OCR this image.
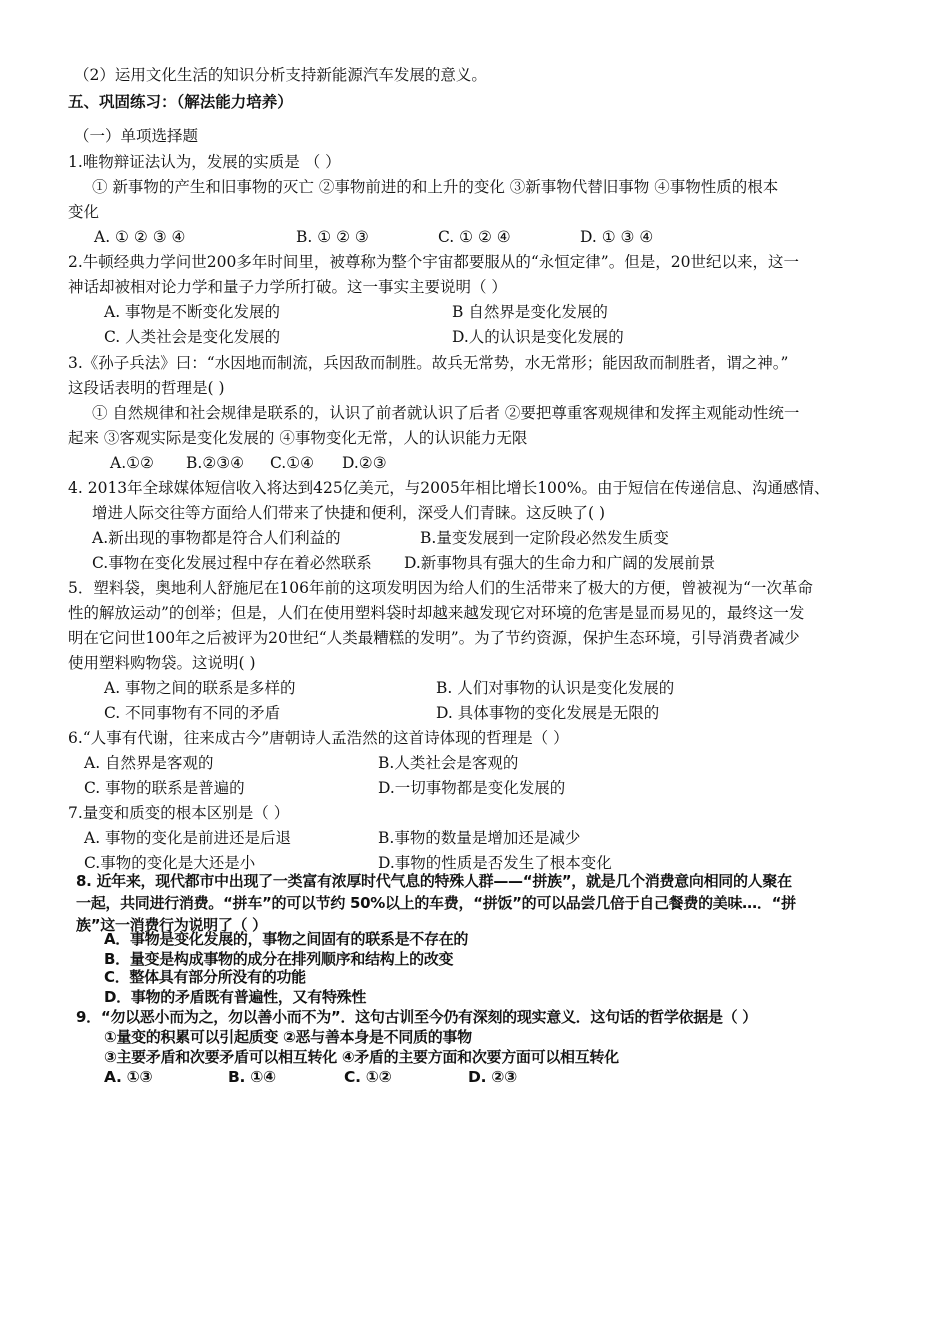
（2）运用文化生活的知识分析支持新能源汽车发展的意义。
五、巩固练习：（解法能力培养）
（一）单项选择题
1.唯物辩证法认为，发展的实质是 （ ）
① 新事物的产生和旧事物的灭亡 ②事物前进的和上升的变化 ③新事物代替旧事物 ④事物性质的根本
变化
A. ① ② ③ ④	B. ① ② ③	C. ① ② ④	D. ① ③ ④
2.牛顿经典力学问世200多年时间里，被尊称为整个宇宙都要服从的“永恒定律”。但是，20世纪以来，这一
神话却被相对论力学和量子力学所打破。这一事实主要说明（ ）
A. 事物是不断变化发展的	B 自然界是变化发展的
C. 人类社会是变化发展的	D.人的认识是变化发展的
3.《孙子兵法》曰：“水因地而制流，兵因敌而制胜。故兵无常势，水无常形；能因敌而制胜者，谓之神。”
这段话表明的哲理是( )
① 自然规律和社会规律是联系的，认识了前者就认识了后者 ②要把尊重客观规律和发挥主观能动性统一
起来 ③客观实际是变化发展的 ④事物变化无常，人的认识能力无限
A.①② B.②③④ C.①④ D.②③
4. 2013年全球媒体短信收入将达到425亿美元，与2005年相比增长100%。由于短信在传递信息、沟通感情、
增进人际交往等方面给人们带来了快捷和便利，深受人们青睐。这反映了( )
A.新出现的事物都是符合人们利益的	B.量变发展到一定阶段必然发生质变
C.事物在变化发展过程中存在着必然联系 D.新事物具有强大的生命力和广阔的发展前景
5．塑料袋，奥地利人舒施尼在106年前的这项发明因为给人们的生活带来了极大的方便，曾被视为“一次革命
性的解放运动”的创举；但是，人们在使用塑料袋时却越来越发现它对环境的危害是显而易见的，最终这一发
明在它问世100年之后被评为20世纪“人类最糟糕的发明”。为了节约资源，保护生态环境，引导消费者减少
使用塑料购物袋。这说明( )
A. 事物之间的联系是多样的	B. 人们对事物的认识是变化发展的
C. 不同事物有不同的矛盾	D. 具体事物的变化发展是无限的
6.“人事有代谢，往来成古今”唐朝诗人孟浩然的这首诗体现的哲理是（ ）
A. 自然界是客观的	B.人类社会是客观的
C. 事物的联系是普遍的	D.一切事物都是变化发展的
7.量变和质变的根本区别是（ ）
A. 事物的变化是前进还是后退	B.事物的数量是增加还是减少
C.事物的变化是大还是小	D.事物的性质是否发生了根本变化
8. 近年来，现代都市中出现了一类富有浓厚时代气息的特殊人群——“拼族”，就是几个消费意向相同的人聚在
一起，共同进行消费。“拼车”的可以节约 50%以上的车费，“拼饭”的可以品尝几倍于自己餐费的美味…．“拼
族”这一消费行为说明了（ ）
A．事物是变化发展的，事物之间固有的联系是不存在的
B．量变是构成事物的成分在排列顺序和结构上的改变
C．整体具有部分所没有的功能
D．事物的矛盾既有普遍性，又有特殊性
9．“勿以恶小而为之，勿以善小而不为”．这句古训至今仍有深刻的现实意义．这句话的哲学依据是（ ）
①量变的积累可以引起质变 ②恶与善本身是不同质的事物
③主要矛盾和次要矛盾可以相互转化 ④矛盾的主要方面和次要方面可以相互转化
A. ①③	B. ①④	C. ①②	D. ②③
